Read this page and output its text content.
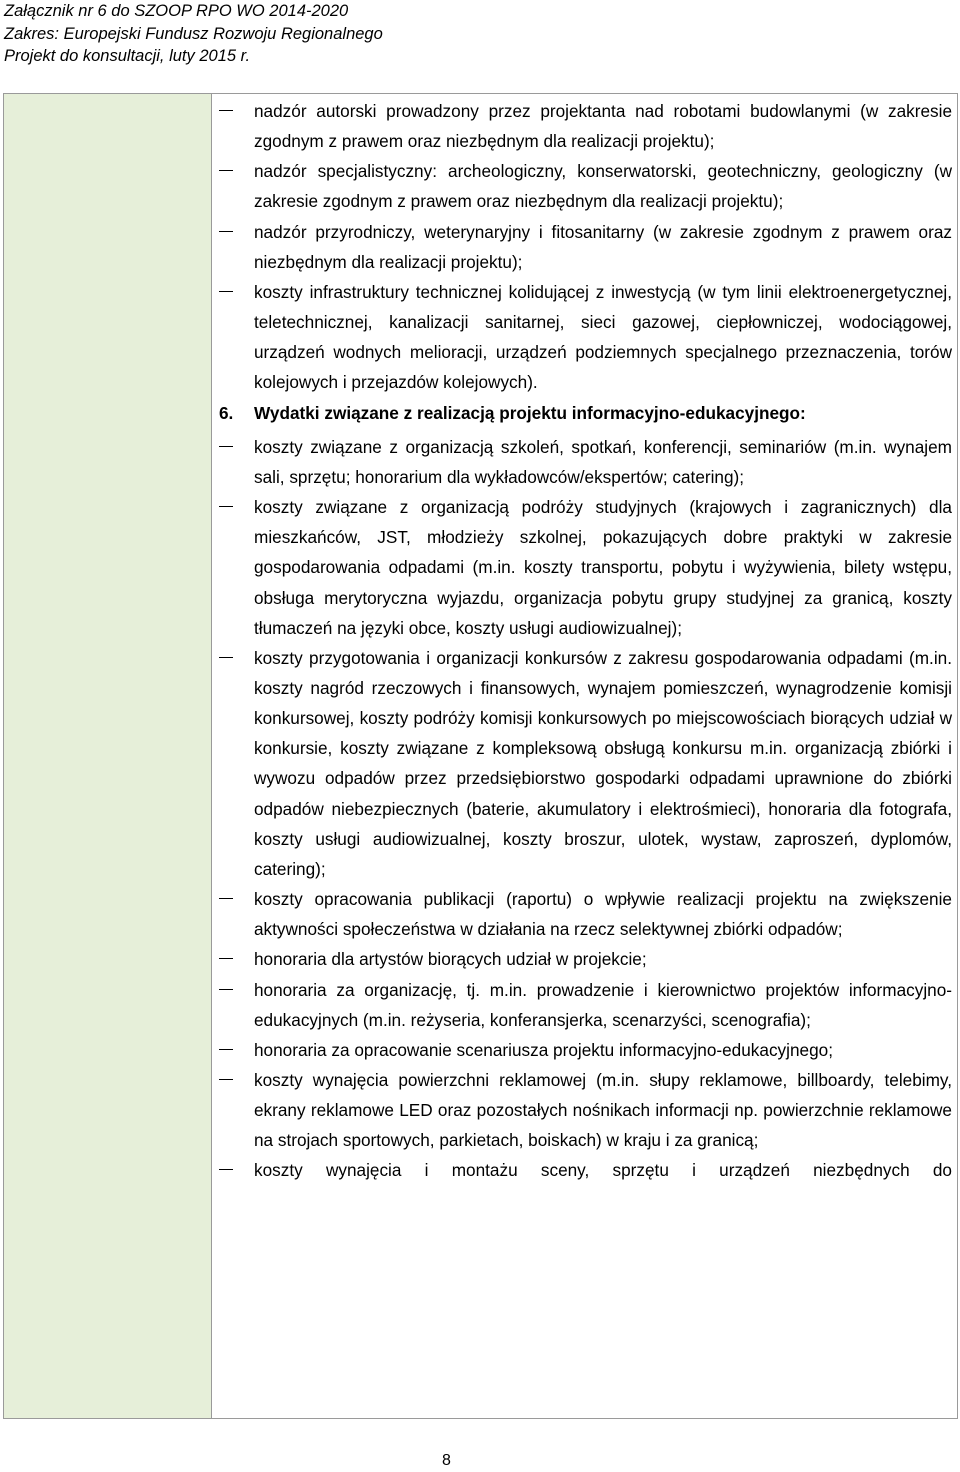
Załącznik nr 6 do SZOOP RPO WO 2014-2020
Zakres: Europejski Fundusz Rozwoju Regionalnego
Projekt do konsultacji, luty 2015 r.
nadzór autorski prowadzony przez projektanta nad robotami budowlanymi (w zakresie zgodnym z prawem oraz niezbędnym dla realizacji projektu);
nadzór specjalistyczny: archeologiczny, konserwatorski, geotechniczny, geologiczny (w zakresie zgodnym z prawem oraz niezbędnym dla realizacji projektu);
nadzór przyrodniczy, weterynaryjny i fitosanitarny (w zakresie zgodnym z prawem oraz niezbędnym dla realizacji projektu);
koszty infrastruktury technicznej kolidującej z inwestycją (w tym linii elektroenergetycznej, teletechnicznej, kanalizacji sanitarnej, sieci gazowej, ciepłowniczej, wodociągowej, urządzeń wodnych melioracji, urządzeń podziemnych specjalnego przeznaczenia, torów kolejowych i przejazdów kolejowych).
6. Wydatki związane z realizacją projektu informacyjno-edukacyjnego:
koszty związane z organizacją szkoleń, spotkań, konferencji, seminariów (m.in. wynajem sali, sprzętu; honorarium dla wykładowców/ekspertów; catering);
koszty związane z organizacją podróży studyjnych (krajowych i zagranicznych) dla mieszkańców, JST, młodzieży szkolnej, pokazujących dobre praktyki w zakresie gospodarowania odpadami (m.in. koszty transportu, pobytu i wyżywienia, bilety wstępu, obsługa merytoryczna wyjazdu, organizacja pobytu grupy studyjnej za granicą, koszty tłumaczeń na języki obce, koszty usługi audiowizualnej);
koszty przygotowania i organizacji konkursów z zakresu gospodarowania odpadami (m.in. koszty nagród rzeczowych i finansowych, wynajem pomieszczeń, wynagrodzenie komisji konkursowej, koszty podróży komisji konkursowych po miejscowościach biorących udział w konkursie, koszty związane z kompleksową obsługą konkursu m.in. organizacją zbiórki i wywozu odpadów przez przedsiębiorstwo gospodarki odpadami uprawnione do zbiórki odpadów niebezpiecznych (baterie, akumulatory i elektrośmieci), honoraria dla fotografa, koszty usługi audiowizualnej, koszty broszur, ulotek, wystaw, zaproszeń, dyplomów, catering);
koszty opracowania publikacji (raportu) o wpływie realizacji projektu na zwiększenie aktywności społeczeństwa w działania na rzecz selektywnej zbiórki odpadów;
honoraria dla artystów biorących udział w projekcie;
honoraria za organizację, tj. m.in. prowadzenie i kierownictwo projektów informacyjno-edukacyjnych (m.in. reżyseria, konferansjerka, scenarzyści, scenografia);
honoraria za opracowanie scenariusza projektu informacyjno-edukacyjnego;
koszty wynajęcia powierzchni reklamowej (m.in. słupy reklamowe, billboardy, telebimy, ekrany reklamowe LED oraz pozostałych nośnikach informacji np. powierzchnie reklamowe na strojach sportowych, parkietach, boiskach) w kraju i za granicą;
koszty wynajęcia i montażu sceny, sprzętu i urządzeń niezbędnych do
8
